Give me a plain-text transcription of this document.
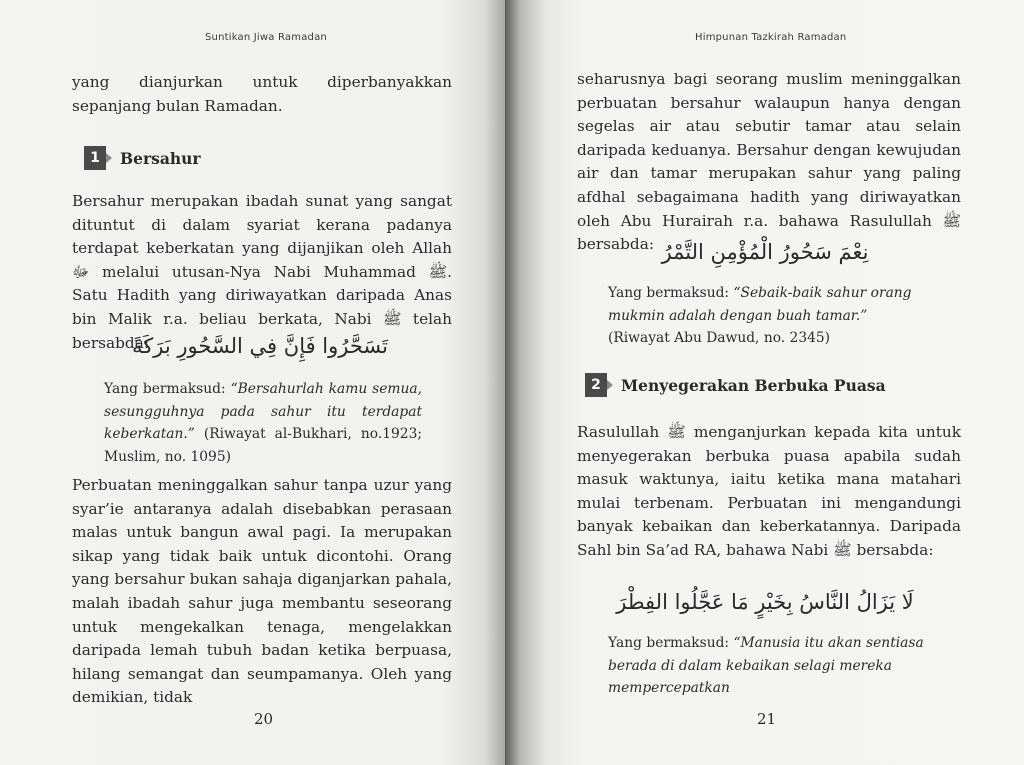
Suntikan Jiwa Ramadan

yang dianjurkan untuk diperbanyakkan sepanjang bulan Ramadan.

1	Bersahur

Bersahur merupakan ibadah sunat yang sangat dituntut di dalam syariat kerana padanya terdapat keberkatan yang dijanjikan oleh Allah ﷻ melalui utusan-Nya Nabi Muhammad ﷺ. Satu Hadith yang diriwayatkan daripada Anas bin Malik r.a. beliau berkata, Nabi ﷺ telah bersabda:

تَسَحَّرُوا فَإِنَّ فِي السَّحُورِ بَرَكَةً

Yang bermaksud: “Bersahurlah kamu semua, sesungguhnya pada sahur itu terdapat keberkatan.” (Riwayat al-Bukhari, no.1923; Muslim, no. 1095)

Perbuatan meninggalkan sahur tanpa uzur yang syar’ie antaranya adalah disebabkan perasaan malas untuk bangun awal pagi. Ia merupakan sikap yang tidak baik untuk dicontohi. Orang yang bersahur bukan sahaja diganjarkan pahala, malah ibadah sahur juga membantu seseorang untuk mengekalkan tenaga, mengelakkan daripada lemah tubuh badan ketika berpuasa, hilang semangat dan seumpamanya. Oleh yang demikian, tidak

20
Himpunan Tazkirah Ramadan

seharusnya bagi seorang muslim meninggalkan perbuatan bersahur walaupun hanya dengan segelas air atau sebutir tamar atau selain daripada keduanya. Bersahur dengan kewujudan air dan tamar merupakan sahur yang paling afdhal sebagaimana hadith yang diriwayatkan oleh Abu Hurairah r.a. bahawa Rasulullah ﷺ bersabda: نِعْمَ سَحُورُ الْمُؤْمِنِ التَّمْرُ

Yang bermaksud: “Sebaik-baik sahur orang mukmin adalah dengan buah tamar.” (Riwayat Abu Dawud, no. 2345)

2	Menyegerakan Berbuka Puasa

Rasulullah ﷺ menganjurkan kepada kita untuk menyegerakan berbuka puasa apabila sudah masuk waktunya, iaitu ketika mana matahari mulai terbenam. Perbuatan ini mengandungi banyak kebaikan dan keberkatannya. Daripada Sahl bin Sa’ad RA, bahawa Nabi ﷺ bersabda:

لَا يَزَالُ النَّاسُ بِخَيْرٍ مَا عَجَّلُوا الفِطْرَ

Yang bermaksud: “Manusia itu akan sentiasa berada di dalam kebaikan selagi mereka mempercepatkan

21
